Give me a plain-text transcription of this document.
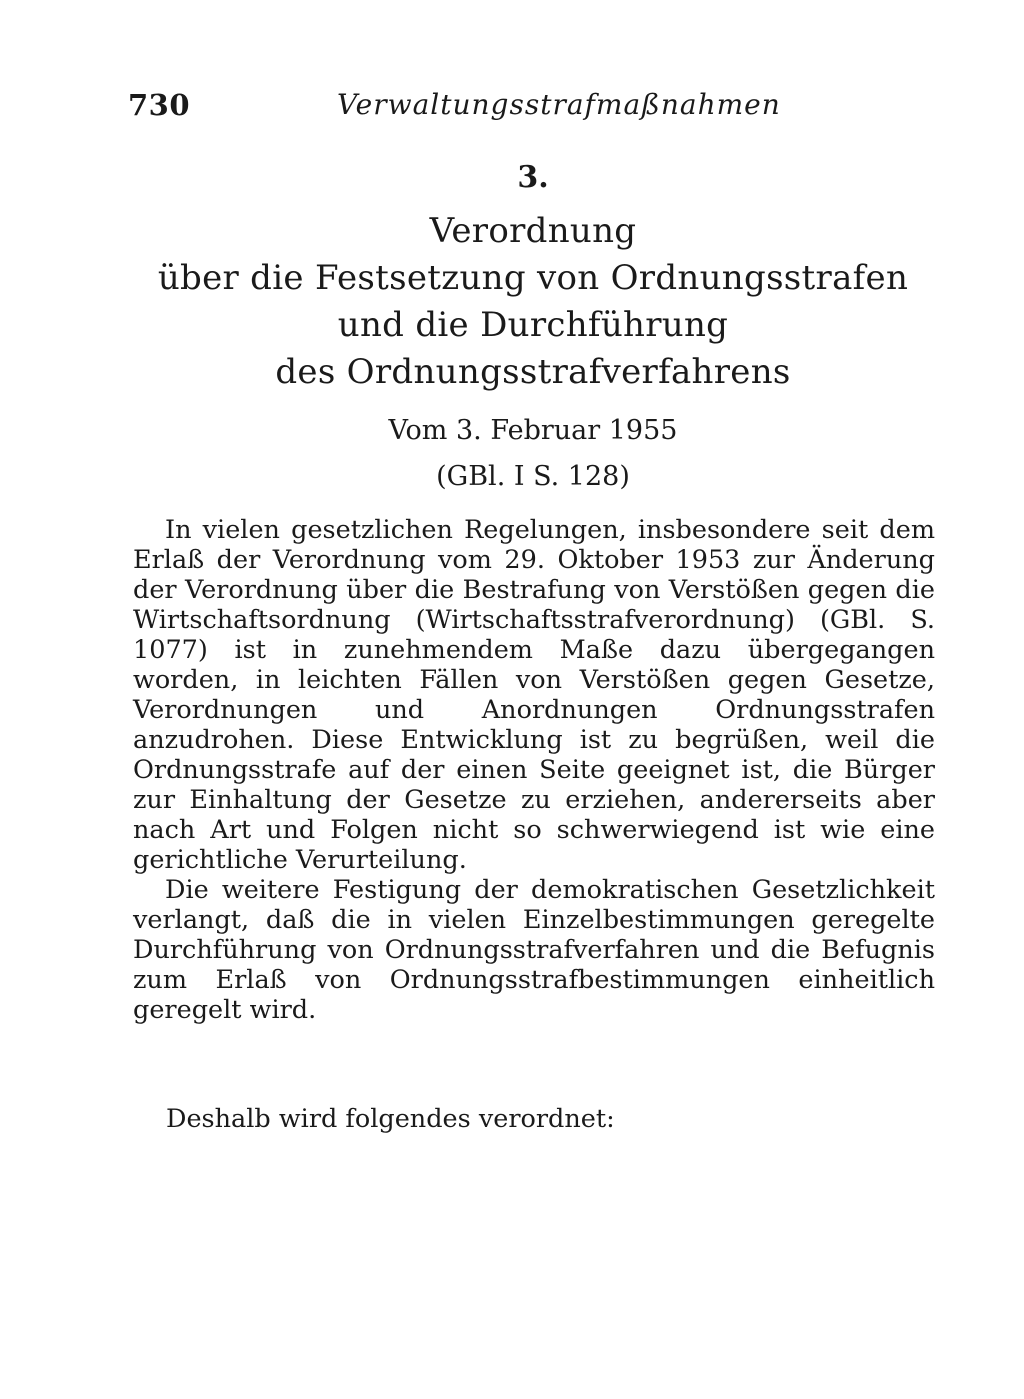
730	Verwaltungsstrafmaßnahmen
3.
Verordnung
über die Festsetzung von Ordnungsstrafen
und die Durchführung
des Ordnungsstrafverfahrens
Vom 3. Februar 1955
(GBl. I S. 128)

In vielen gesetzlichen Regelungen, insbesondere seit dem Erlaß der Verordnung vom 29. Oktober 1953 zur Änderung der Verordnung über die Bestrafung von Verstößen gegen die Wirtschaftsordnung (Wirtschaftsstrafverordnung) (GBl. S. 1077) ist in zunehmendem Maße dazu übergegangen worden, in leichten Fällen von Verstößen gegen Gesetze, Verordnungen und Anordnungen Ordnungsstrafen anzudrohen. Diese Entwicklung ist zu begrüßen, weil die Ordnungsstrafe auf der einen Seite geeignet ist, die Bürger zur Einhaltung der Gesetze zu erziehen, andererseits aber nach Art und Folgen nicht so schwerwiegend ist wie eine gerichtliche Verurteilung.

Die weitere Festigung der demokratischen Gesetzlichkeit verlangt, daß die in vielen Einzelbestimmungen geregelte Durchführung von Ordnungsstrafverfahren und die Befugnis zum Erlaß von Ordnungsstrafbestimmungen einheitlich geregelt wird.

Deshalb wird folgendes verordnet:
